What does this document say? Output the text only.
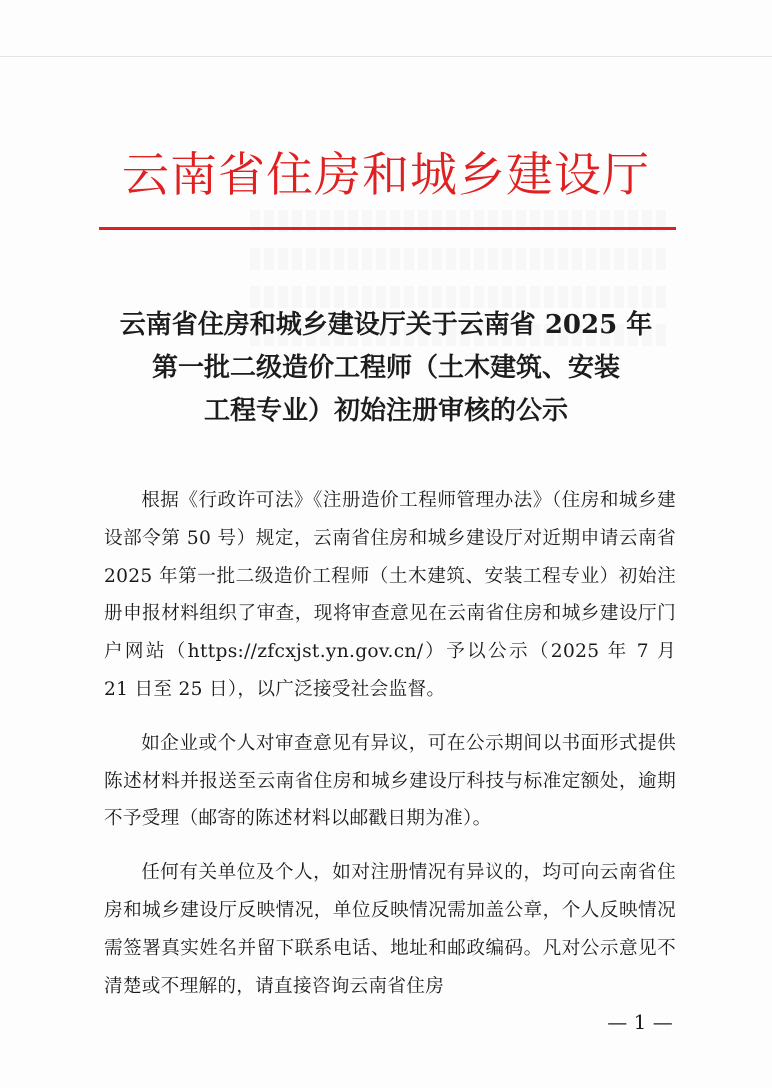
云南省住房和城乡建设厅
云南省住房和城乡建设厅关于云南省 2025 年
第一批二级造价工程师（土木建筑、安装
工程专业）初始注册审核的公示

根据《行政许可法》《注册造价工程师管理办法》（住房和城乡建设部令第 50 号）规定，云南省住房和城乡建设厅对近期申请云南省 2025 年第一批二级造价工程师（土木建筑、安装工程专业）初始注册申报材料组织了审查，现将审查意见在云南省住房和城乡建设厅门户网站（https://zfcxjst.yn.gov.cn/）予以公示（2025 年 7 月 21 日至 25 日），以广泛接受社会监督。

如企业或个人对审查意见有异议，可在公示期间以书面形式提供陈述材料并报送至云南省住房和城乡建设厅科技与标准定额处，逾期不予受理（邮寄的陈述材料以邮戳日期为准）。

任何有关单位及个人，如对注册情况有异议的，均可向云南省住房和城乡建设厅反映情况，单位反映情况需加盖公章，个人反映情况需签署真实姓名并留下联系电话、地址和邮政编码。凡对公示意见不清楚或不理解的，请直接咨询云南省住房

— 1 —
